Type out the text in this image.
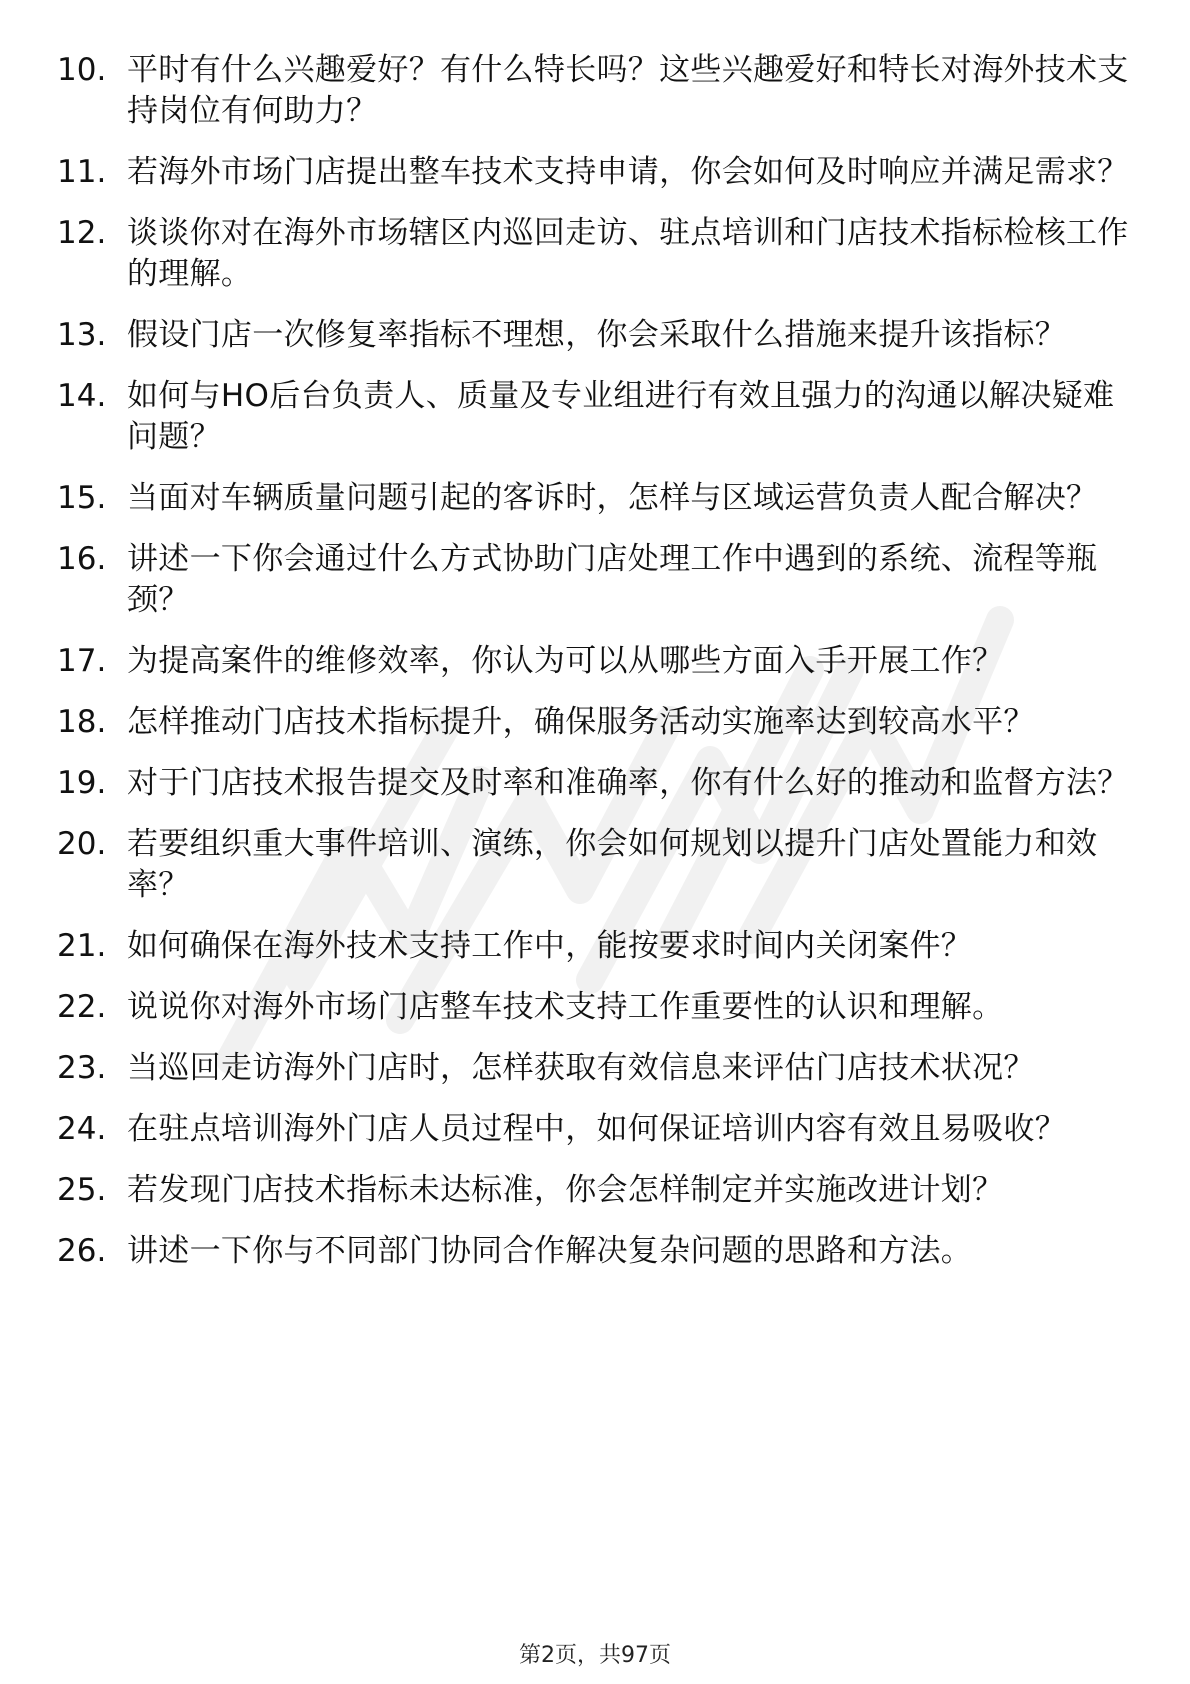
10. 平时有什么兴趣爱好？有什么特长吗？这些兴趣爱好和特长对海外技术支持岗位有何助力？
11. 若海外市场门店提出整车技术支持申请，你会如何及时响应并满足需求？
12. 谈谈你对在海外市场辖区内巡回走访、驻点培训和门店技术指标检核工作的理解。
13. 假设门店一次修复率指标不理想，你会采取什么措施来提升该指标？
14. 如何与HO后台负责人、质量及专业组进行有效且强力的沟通以解决疑难问题？
15. 当面对车辆质量问题引起的客诉时，怎样与区域运营负责人配合解决？
16. 讲述一下你会通过什么方式协助门店处理工作中遇到的系统、流程等瓶颈？
17. 为提高案件的维修效率，你认为可以从哪些方面入手开展工作？
18. 怎样推动门店技术指标提升，确保服务活动实施率达到较高水平？
19. 对于门店技术报告提交及时率和准确率，你有什么好的推动和监督方法？
20. 若要组织重大事件培训、演练，你会如何规划以提升门店处置能力和效率？
21. 如何确保在海外技术支持工作中，能按要求时间内关闭案件？
22. 说说你对海外市场门店整车技术支持工作重要性的认识和理解。
23. 当巡回走访海外门店时，怎样获取有效信息来评估门店技术状况？
24. 在驻点培训海外门店人员过程中，如何保证培训内容有效且易吸收？
25. 若发现门店技术指标未达标准，你会怎样制定并实施改进计划？
26. 讲述一下你与不同部门协同合作解决复杂问题的思路和方法。
第2页，共97页
